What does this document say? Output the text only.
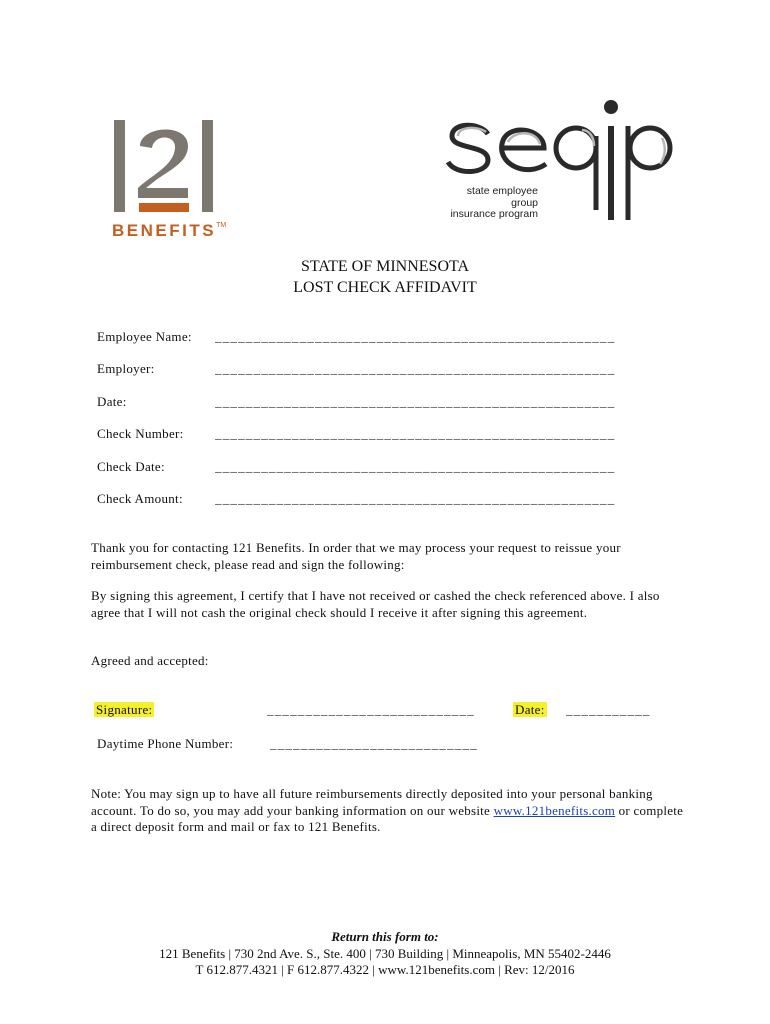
BENEFITS™
state employee group
insurance program
STATE OF MINNESOTA
LOST CHECK AFFIDAVIT
Employee Name: ____________________________________________________
Employer:	____________________________________________________
Date:	____________________________________________________
Check Number: ____________________________________________________
Check Date:	____________________________________________________
Check Amount: ____________________________________________________
Thank you for contacting 121 Benefits. In order that we may process your request to reissue your reimbursement check, please read and sign the following:
By signing this agreement, I certify that I have not received or cashed the check referenced above. I also agree that I will not cash the original check should I receive it after signing this agreement.
Agreed and accepted:
Signature:	___________________________	Date: ___________
Daytime Phone Number:	___________________________
Note: You may sign up to have all future reimbursements directly deposited into your personal banking account. To do so, you may add your banking information on our website www.121benefits.com or complete a direct deposit form and mail or fax to 121 Benefits.
Return this form to:
121 Benefits | 730 2nd Ave. S., Ste. 400 | 730 Building | Minneapolis, MN 55402-2446
T 612.877.4321 | F 612.877.4322 | www.121benefits.com | Rev: 12/2016
